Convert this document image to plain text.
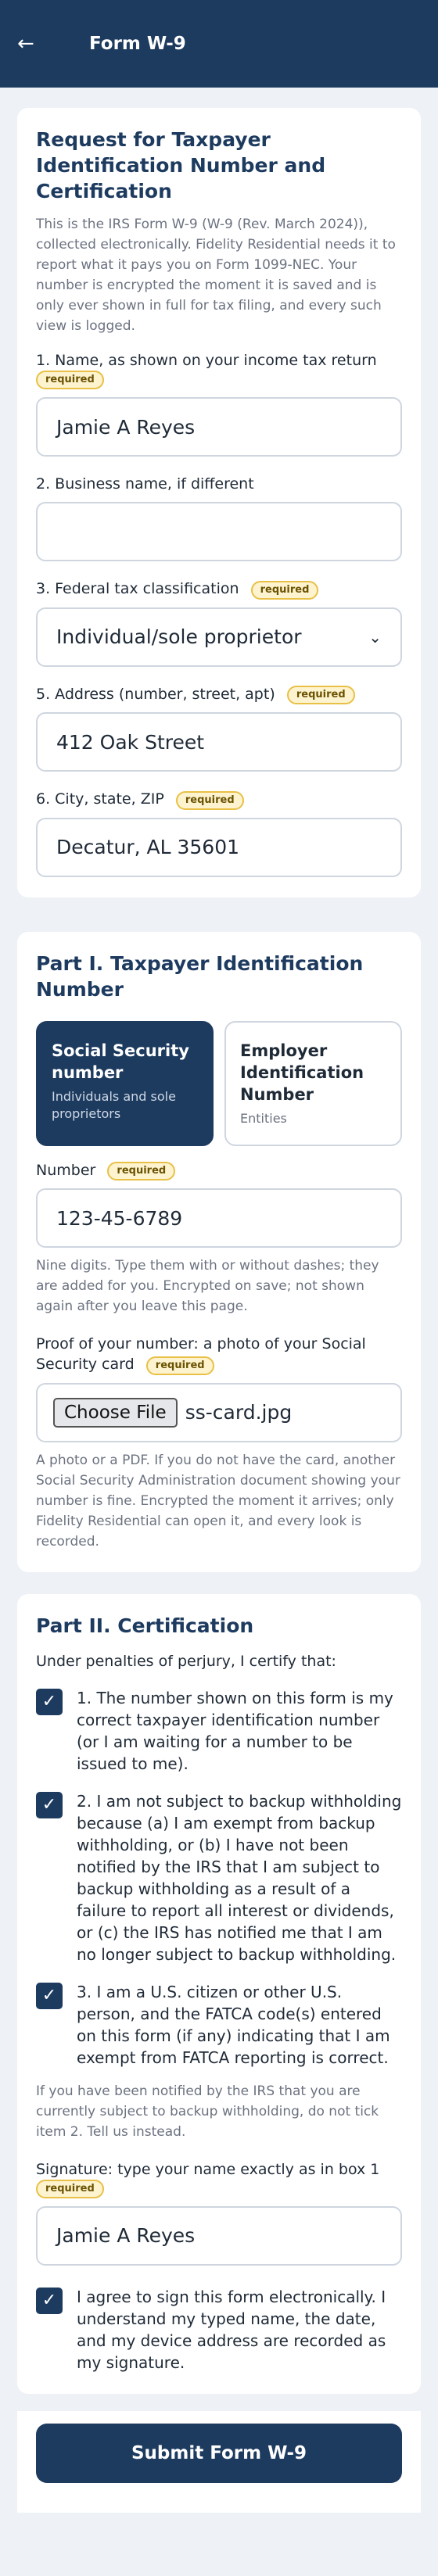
←	Form W-9
Request for Taxpayer Identification Number and Certification
This is the IRS Form W-9 (W-9 (Rev. March 2024)), collected electronically. Fidelity Residential needs it to report what it pays you on Form 1099-NEC. Your number is encrypted the moment it is saved and is only ever shown in full for tax filing, and every such view is logged.
1. Name, as shown on your income tax return
required
Jamie A Reyes
2. Business name, if different
3. Federal tax classification required
Individual/sole proprietor	⌄
5. Address (number, street, apt) required
412 Oak Street
6. City, state, ZIP required
Decatur, AL 35601
Part I. Taxpayer Identification Number
Social Security number
Individuals and sole proprietors
Employer Identification Number
Entities
Number required
123-45-6789
Nine digits. Type them with or without dashes; they are added for you. Encrypted on save; not shown again after you leave this page.
Proof of your number: a photo of your Social Security card required
Choose File ss-card.jpg
A photo or a PDF. If you do not have the card, another Social Security Administration document showing your number is fine. Encrypted the moment it arrives; only Fidelity Residential can open it, and every look is recorded.
Part II. Certification
Under penalties of perjury, I certify that:
✓	1. The number shown on this form is my correct taxpayer identification number (or I am waiting for a number to be issued to me).
✓	2. I am not subject to backup withholding because (a) I am exempt from backup withholding, or (b) I have not been notified by the IRS that I am subject to backup withholding as a result of a failure to report all interest or dividends, or (c) the IRS has notified me that I am no longer subject to backup withholding.
✓	3. I am a U.S. citizen or other U.S. person, and the FATCA code(s) entered on this form (if any) indicating that I am exempt from FATCA reporting is correct.
If you have been notified by the IRS that you are currently subject to backup withholding, do not tick item 2. Tell us instead.
Signature: type your name exactly as in box 1
required
Jamie A Reyes
✓	I agree to sign this form electronically. I understand my typed name, the date, and my device address are recorded as my signature.
Submit Form W-9
